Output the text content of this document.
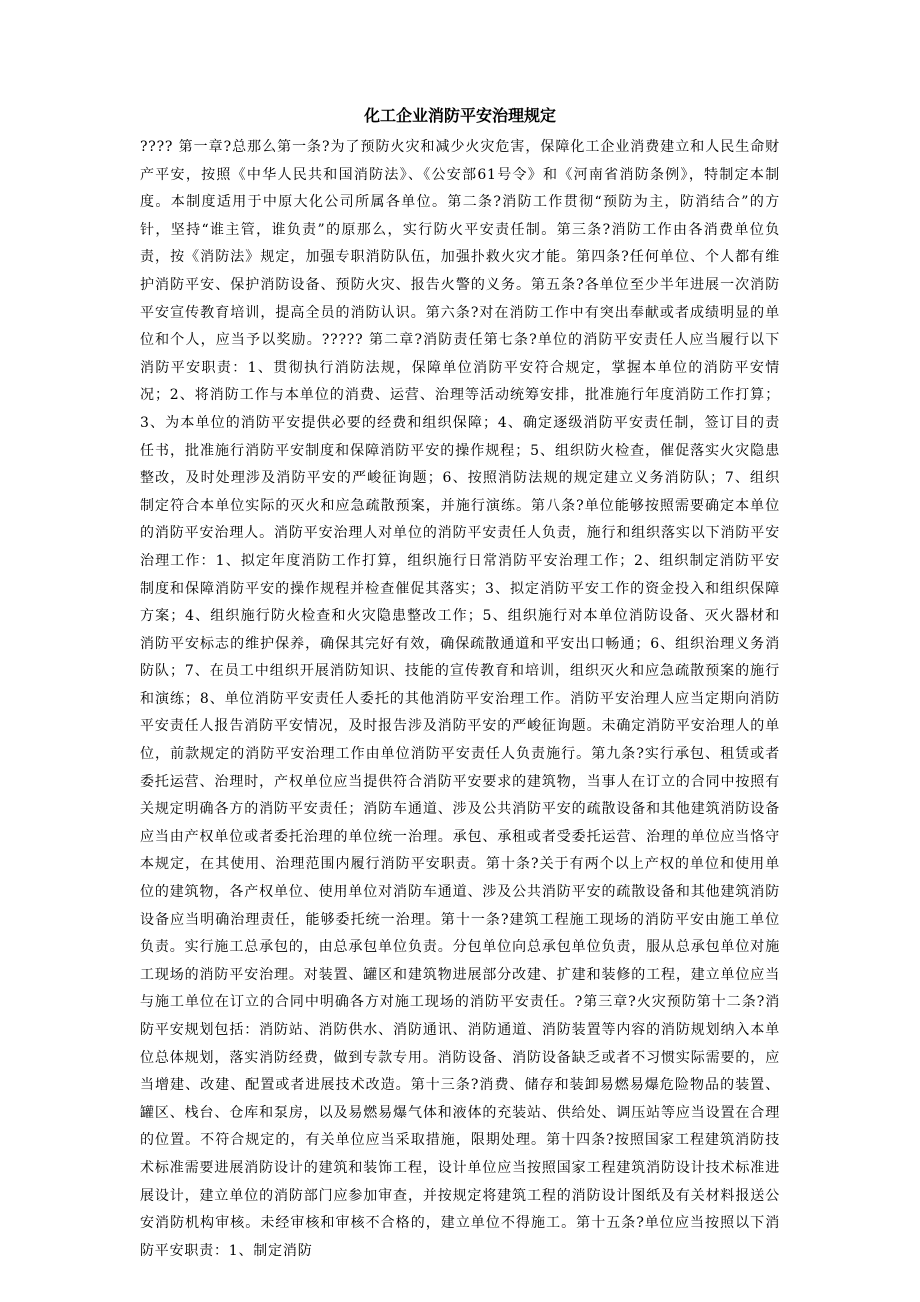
化工企业消防平安治理规定

???? 第一章?总那么第一条?为了预防火灾和减少火灾危害，保障化工企业消费建立和人民生命财产平安，按照《中华人民共和国消防法》、《公安部61号令》和《河南省消防条例》，特制定本制度。本制度适用于中原大化公司所属各单位。第二条?消防工作贯彻“预防为主，防消结合”的方针，坚持“谁主管，谁负责”的原那么，实行防火平安责任制。第三条?消防工作由各消费单位负责，按《消防法》规定，加强专职消防队伍，加强扑救火灾才能。第四条?任何单位、个人都有维护消防平安、保护消防设备、预防火灾、报告火警的义务。第五条?各单位至少半年进展一次消防平安宣传教育培训，提高全员的消防认识。第六条?对在消防工作中有突出奉献或者成绩明显的单位和个人，应当予以奖励。????? 第二章?消防责任第七条?单位的消防平安责任人应当履行以下消防平安职责：1、贯彻执行消防法规，保障单位消防平安符合规定，掌握本单位的消防平安情况；2、将消防工作与本单位的消费、运营、治理等活动统筹安排，批准施行年度消防工作打算；3、为本单位的消防平安提供必要的经费和组织保障；4、确定逐级消防平安责任制，签订目的责任书，批准施行消防平安制度和保障消防平安的操作规程；5、组织防火检查，催促落实火灾隐患整改，及时处理涉及消防平安的严峻征询题；6、按照消防法规的规定建立义务消防队；7、组织制定符合本单位实际的灭火和应急疏散预案，并施行演练。第八条?单位能够按照需要确定本单位的消防平安治理人。消防平安治理人对单位的消防平安责任人负责，施行和组织落实以下消防平安治理工作：1、拟定年度消防工作打算，组织施行日常消防平安治理工作；2、组织制定消防平安制度和保障消防平安的操作规程并检查催促其落实；3、拟定消防平安工作的资金投入和组织保障方案；4、组织施行防火检查和火灾隐患整改工作；5、组织施行对本单位消防设备、灭火器材和消防平安标志的维护保养，确保其完好有效，确保疏散通道和平安出口畅通；6、组织治理义务消防队；7、在员工中组织开展消防知识、技能的宣传教育和培训，组织灭火和应急疏散预案的施行和演练；8、单位消防平安责任人委托的其他消防平安治理工作。消防平安治理人应当定期向消防平安责任人报告消防平安情况，及时报告涉及消防平安的严峻征询题。未确定消防平安治理人的单位，前款规定的消防平安治理工作由单位消防平安责任人负责施行。第九条?实行承包、租赁或者委托运营、治理时，产权单位应当提供符合消防平安要求的建筑物，当事人在订立的合同中按照有关规定明确各方的消防平安责任；消防车通道、涉及公共消防平安的疏散设备和其他建筑消防设备应当由产权单位或者委托治理的单位统一治理。承包、承租或者受委托运营、治理的单位应当恪守本规定，在其使用、治理范围内履行消防平安职责。第十条?关于有两个以上产权的单位和使用单位的建筑物，各产权单位、使用单位对消防车通道、涉及公共消防平安的疏散设备和其他建筑消防设备应当明确治理责任，能够委托统一治理。第十一条?建筑工程施工现场的消防平安由施工单位负责。实行施工总承包的，由总承包单位负责。分包单位向总承包单位负责，服从总承包单位对施工现场的消防平安治理。对装置、罐区和建筑物进展部分改建、扩建和装修的工程，建立单位应当与施工单位在订立的合同中明确各方对施工现场的消防平安责任。?第三章?火灾预防第十二条?消防平安规划包括：消防站、消防供水、消防通讯、消防通道、消防装置等内容的消防规划纳入本单位总体规划，落实消防经费，做到专款专用。消防设备、消防设备缺乏或者不习惯实际需要的，应当增建、改建、配置或者进展技术改造。第十三条?消费、储存和装卸易燃易爆危险物品的装置、罐区、栈台、仓库和泵房，以及易燃易爆气体和液体的充装站、供给处、调压站等应当设置在合理的位置。不符合规定的，有关单位应当采取措施，限期处理。第十四条?按照国家工程建筑消防技术标准需要进展消防设计的建筑和装饰工程，设计单位应当按照国家工程建筑消防设计技术标准进展设计，建立单位的消防部门应参加审查，并按规定将建筑工程的消防设计图纸及有关材料报送公安消防机构审核。未经审核和审核不合格的，建立单位不得施工。第十五条?单位应当按照以下消防平安职责：1、制定消防
